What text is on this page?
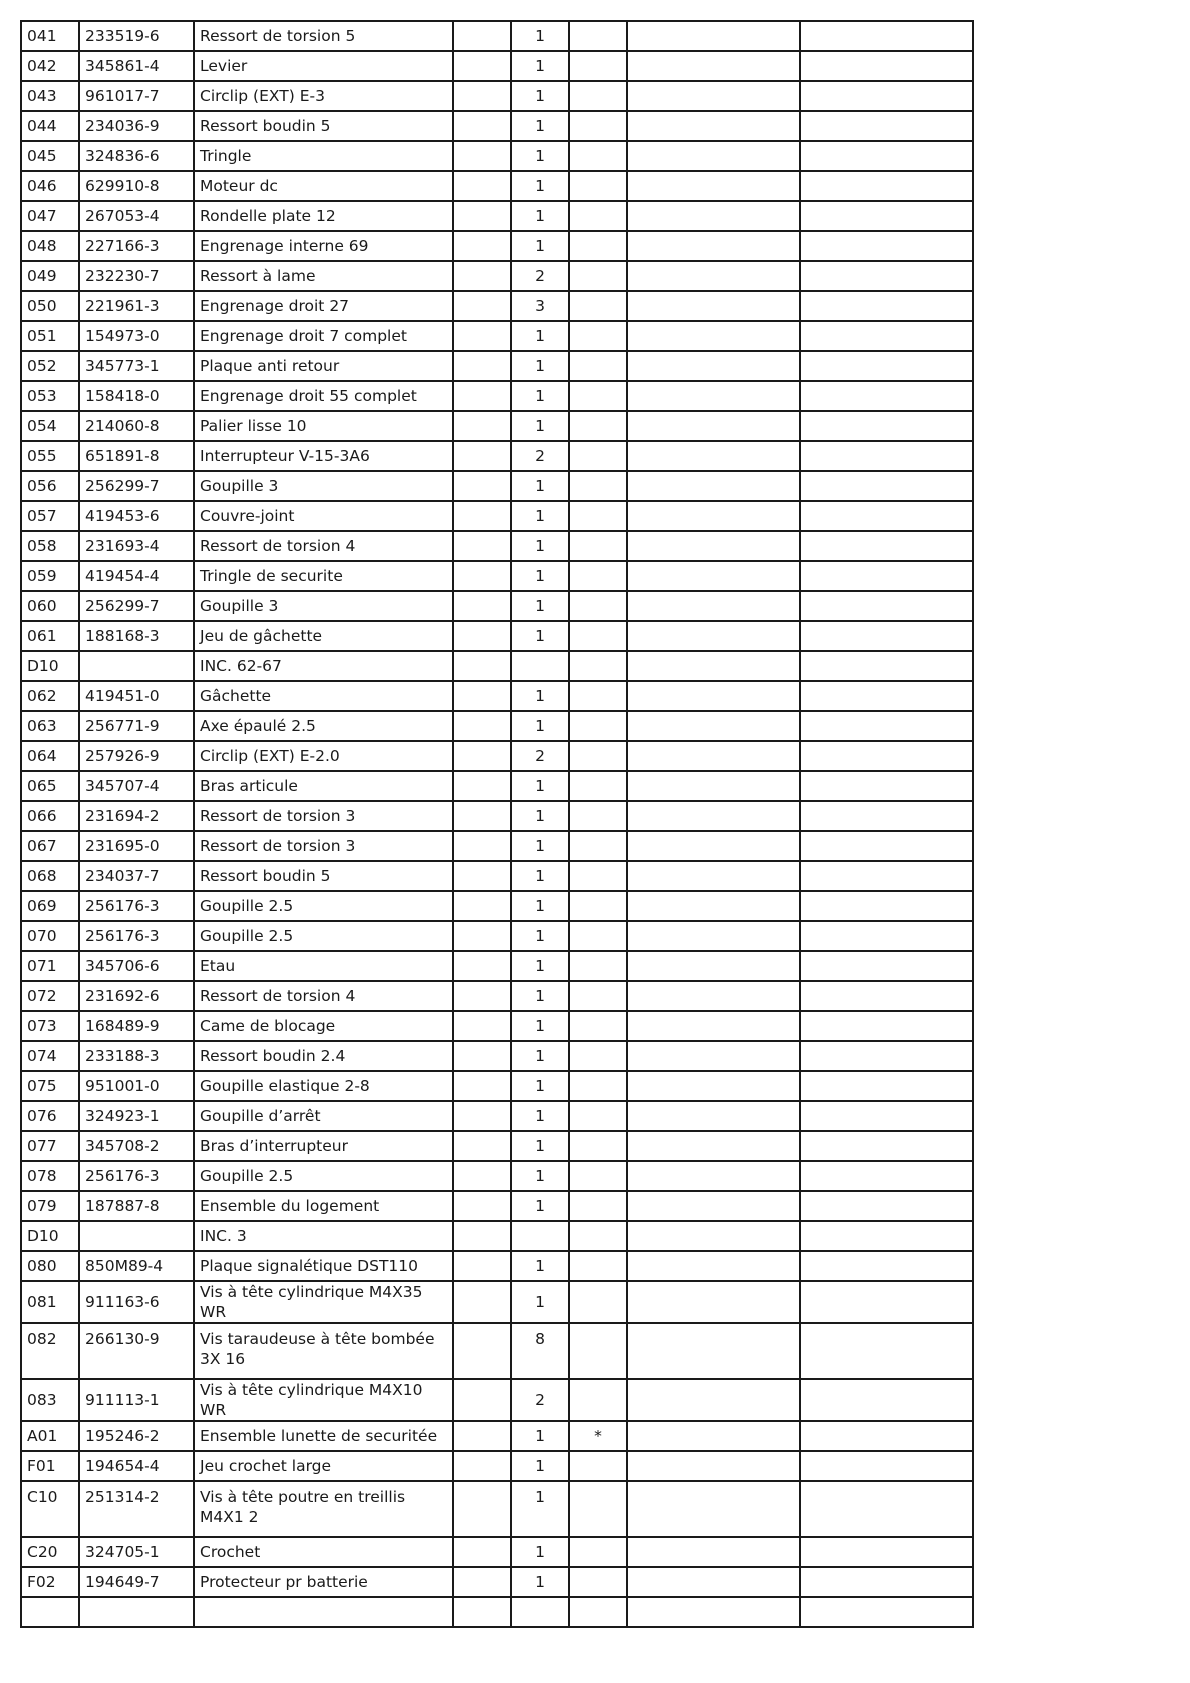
041	233519-6	Ressort de torsion 5		1			
042	345861-4	Levier		1			
043	961017-7	Circlip (EXT) E-3		1			
044	234036-9	Ressort boudin 5		1			
045	324836-6	Tringle		1			
046	629910-8	Moteur dc		1			
047	267053-4	Rondelle plate 12		1			
048	227166-3	Engrenage interne 69		1			
049	232230-7	Ressort à lame		2			
050	221961-3	Engrenage droit 27		3			
051	154973-0	Engrenage droit 7 complet		1			
052	345773-1	Plaque anti retour		1			
053	158418-0	Engrenage droit 55 complet		1			
054	214060-8	Palier lisse 10		1			
055	651891-8	Interrupteur V-15-3A6		2			
056	256299-7	Goupille 3		1			
057	419453-6	Couvre-joint		1			
058	231693-4	Ressort de torsion 4		1			
059	419454-4	Tringle de securite		1			
060	256299-7	Goupille 3		1			
061	188168-3	Jeu de gâchette		1			
D10		INC. 62-67					
062	419451-0	Gâchette		1			
063	256771-9	Axe épaulé 2.5		1			
064	257926-9	Circlip (EXT) E-2.0		2			
065	345707-4	Bras articule		1			
066	231694-2	Ressort de torsion 3		1			
067	231695-0	Ressort de torsion 3		1			
068	234037-7	Ressort boudin 5		1			
069	256176-3	Goupille 2.5		1			
070	256176-3	Goupille 2.5		1			
071	345706-6	Etau		1			
072	231692-6	Ressort de torsion 4		1			
073	168489-9	Came de blocage		1			
074	233188-3	Ressort boudin 2.4		1			
075	951001-0	Goupille elastique 2-8		1			
076	324923-1	Goupille d’arrêt		1			
077	345708-2	Bras d’interrupteur		1			
078	256176-3	Goupille 2.5		1			
079	187887-8	Ensemble du logement		1			
D10		INC. 3					
080	850M89-4	Plaque signalétique DST110		1			
081	911163-6	Vis à tête cylindrique M4X35 WR		1			
082	266130-9	Vis taraudeuse à tête bombée 3X 16		8			
083	911113-1	Vis à tête cylindrique M4X10 WR		2			
A01	195246-2	Ensemble lunette de securitée		1	*		
F01	194654-4	Jeu crochet large		1			
C10	251314-2	Vis à tête poutre en treillis M4X1 2		1			
C20	324705-1	Crochet		1			
F02	194649-7	Protecteur pr batterie		1			
